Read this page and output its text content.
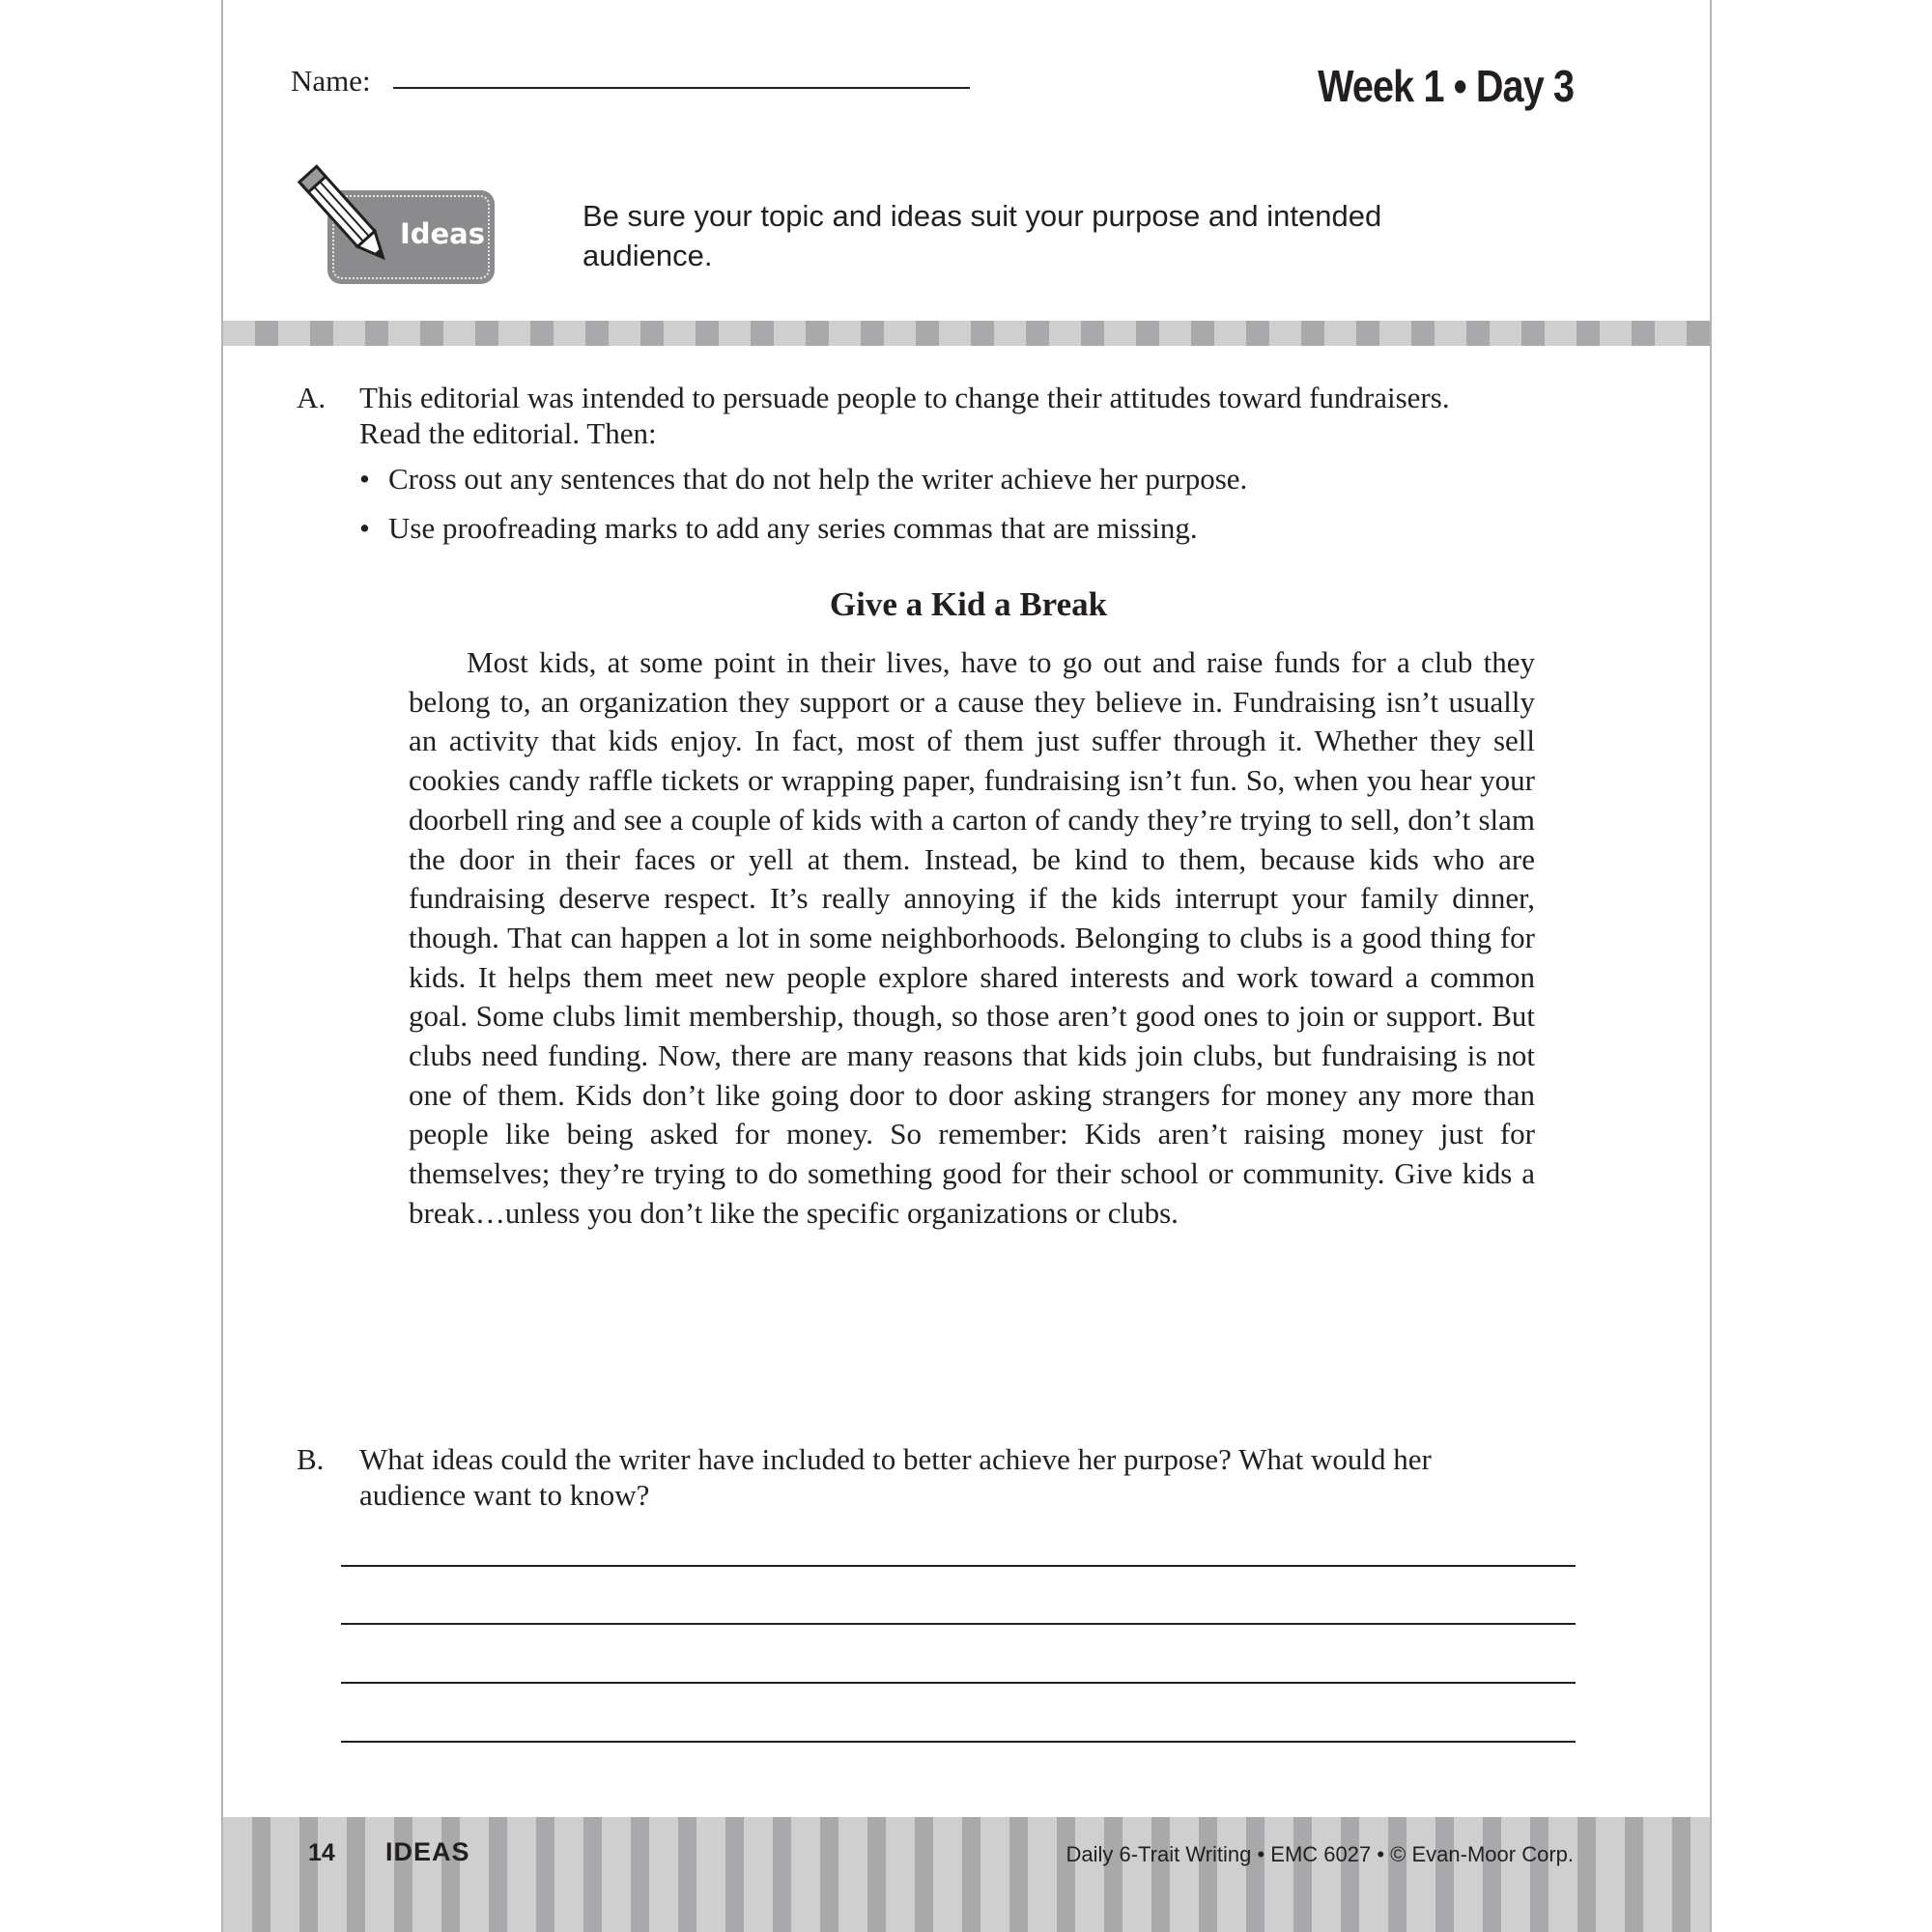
Name:	Week 1 • Day 3
Ideas
Be sure your topic and ideas suit your purpose and intended audience.
A. This editorial was intended to persuade people to change their attitudes toward fundraisers. Read the editorial. Then:
• Cross out any sentences that do not help the writer achieve her purpose.
• Use proofreading marks to add any series commas that are missing.
Give a Kid a Break

Most kids, at some point in their lives, have to go out and raise funds for a club they belong to, an organization they support or a cause they believe in. Fundraising isn’t usually an activity that kids enjoy. In fact, most of them just suffer through it. Whether they sell cookies candy raffle tickets or wrapping paper, fundraising isn’t fun. So, when you hear your doorbell ring and see a couple of kids with a carton of candy they’re trying to sell, don’t slam the door in their faces or yell at them. Instead, be kind to them, because kids who are fundraising deserve respect. It’s really annoying if the kids interrupt your family dinner, though. That can happen a lot in some neighborhoods. Belonging to clubs is a good thing for kids. It helps them meet new people explore shared interests and work toward a common goal. Some clubs limit membership, though, so those aren’t good ones to join or support. But clubs need funding. Now, there are many reasons that kids join clubs, but fundraising is not one of them. Kids don’t like going door to door asking strangers for money any more than people like being asked for money. So remember: Kids aren’t raising money just for themselves; they’re trying to do something good for their school or community. Give kids a break…unless you don’t like the specific organizations or clubs.

B. What ideas could the writer have included to better achieve her purpose? What would her audience want to know?
14 IDEAS	Daily 6-Trait Writing • EMC 6027 • © Evan-Moor Corp.
